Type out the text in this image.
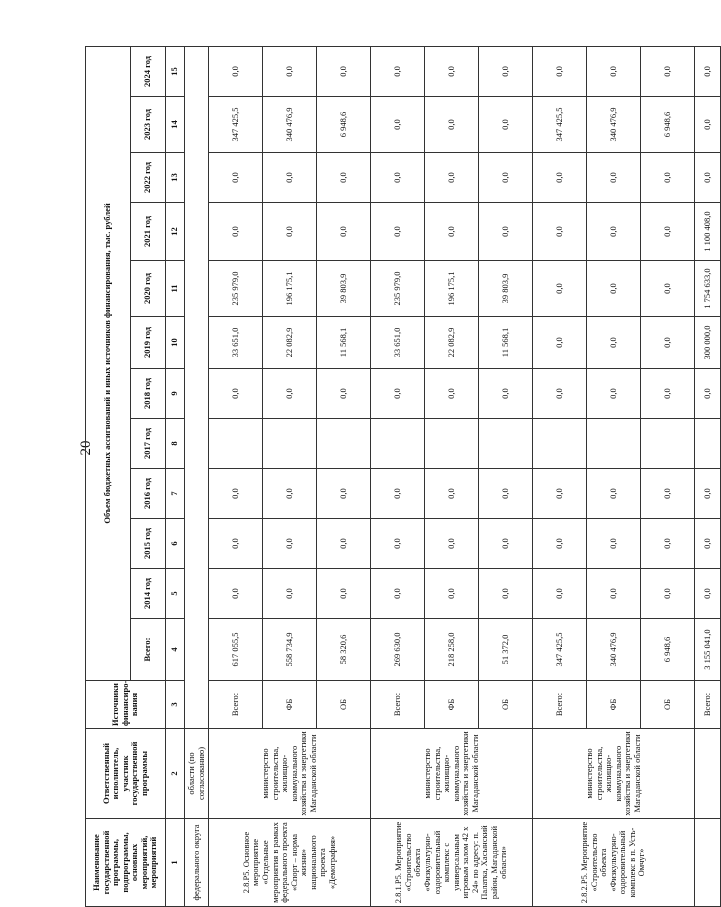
20
Наименование государственной программы, подпрограммы, основных мероприятий, мероприятий	Ответственный исполнитель, участник государственной программы	Источники финансиро-вания	Объем бюджетных ассигнований и иных источников финансирования, тыс. рублей											
			Всего:	2014 год	2015 год	2016 год	2017 год	2018 год	2019 год	2020 год	2021 год	2022 год	2023 год	2024 год
1	2	3	4	5	6	7	8	9	10	11	12	13	14	15
федерального округа	области (по согласованию)													
2.8.P5. Основное мероприятие «Отдельные мероприятия в рамках федерального проекта «Спорт – норма жизни» национального проекта «Демография»	министерство строительства, жилищно-коммунального хозяйства и энергетики Магаданской области	Всего:	617 055,5	0,0	0,0	0,0		0,0	33 651,0	235 979,0	0,0	0,0	347 425,5	0,0
		ФБ	558 734,9	0,0	0,0	0,0		0,0	22 082,9	196 175,1	0,0	0,0	340 476,9	0,0
		ОБ	58 320,6	0,0	0,0	0,0		0,0	11 568,1	39 803,9	0,0	0,0	6 948,6	0,0
2.8.1.P5. Мероприятие «Строительство объекта «Физкультурно-оздоровительный комплекс с универсальным игровым залом 42 х 24» по адресу: п. Палатка, Хасынский район, Магаданской области»	министерство строительства, жилищно-коммунального хозяйства и энергетики Магаданской области	Всего:	269 630,0	0,0	0,0	0,0		0,0	33 651,0	235 979,0	0,0	0,0	0,0	0,0
		ФБ	218 258,0	0,0	0,0	0,0		0,0	22 082,9	196 175,1	0,0	0,0	0,0	0,0
		ОБ	51 372,0	0,0	0,0	0,0		0,0	11 568,1	39 803,9	0,0	0,0	0,0	0,0
2.8.2.P5. Мероприятие «Строительство объекта «Физкультурно-оздоровительный комплекс в п. Усть-Омчуг»	министерство строительства, жилищно-коммунального хозяйства и энергетики Магаданской области	Всего:	347 425,5	0,0	0,0	0,0		0,0	0,0	0,0	0,0	0,0	347 425,5	0,0
		ФБ	340 476,9	0,0	0,0	0,0		0,0	0,0	0,0	0,0	0,0	340 476,9	0,0
		ОБ	6 948,6	0,0	0,0	0,0		0,0	0,0	0,0	0,0	0,0	6 948,6	0,0
		Всего:	3 155 041,0	0,0	0,0	0,0		0,0	300 000,0	1 754 633,0	1 100 408,0	0,0	0,0	0,0
